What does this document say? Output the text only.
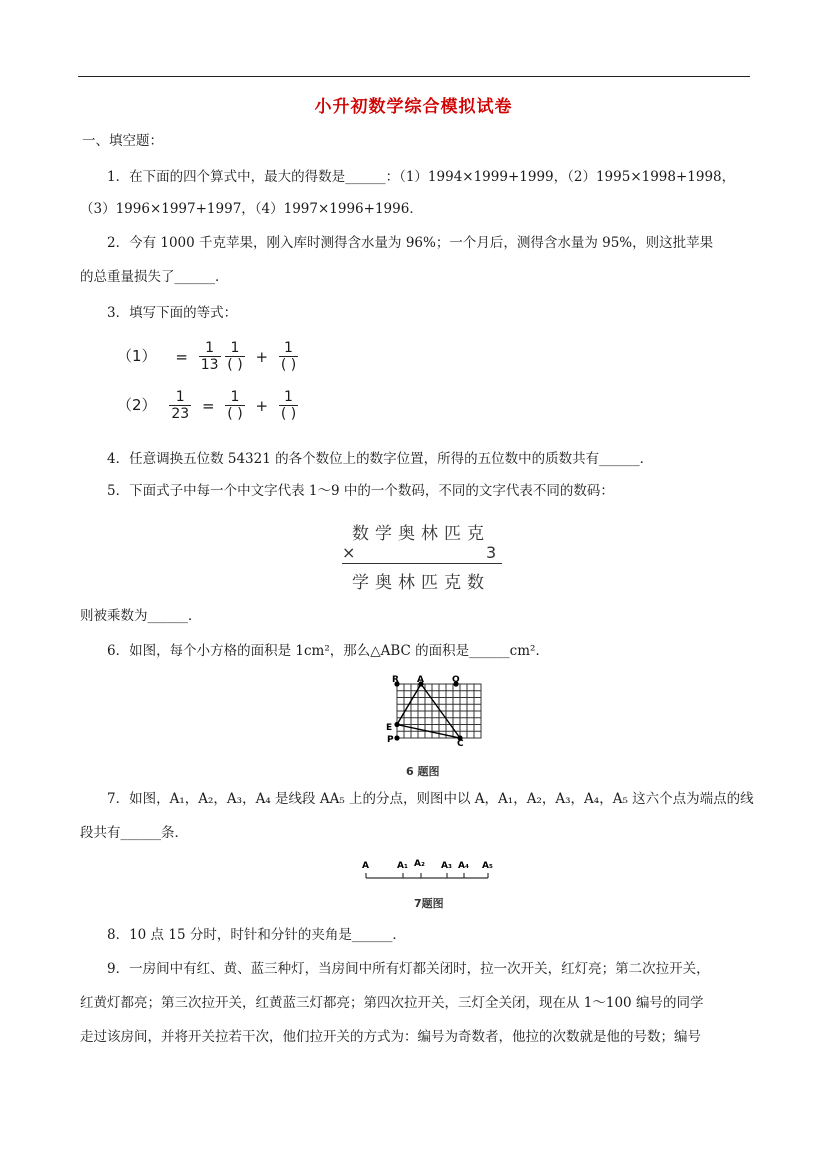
小升初数学综合模拟试卷
一、填空题：
1．在下面的四个算式中，最大的得数是______：（1）1994×1999+1999，（2）1995×1998+1998，
（3）1996×1997+1997，（4）1997×1996+1996．
2．今有 1000 千克苹果，刚入库时测得含水量为 96%；一个月后，测得含水量为 95%，则这批苹果
的总重量损失了______．
3．填写下面的等式：
$(1) = \frac{1}{13}$
$\frac{1}{( )} + \frac{1}{( )}$
$(2) \frac{1}{23} = \frac{1}{( )} + \frac{1}{( )}$
4．任意调换五位数 54321 的各个数位上的数字位置，所得的五位数中的质数共有______．
5．下面式子中每一个中文字代表 1～9 中的一个数码，不同的文字代表不同的数码：
数学奥林匹克
×	3
学奥林匹克数
则被乘数为______．
6．如图，每个小方格的面积是 1cm²，那么△ABC 的面积是______cm²．
R A	Q
E
P	C
6 题图
7．如图，A₁，A₂，A₃，A₄ 是线段 AA₅ 上的分点，则图中以 A，A₁，A₂，A₃，A₄，A₅ 这六个点为端点的线
段共有______条．
A	A₁ A₂ A₃ A₄ A₅
7题图
8．10 点 15 分时，时针和分针的夹角是______．
9．一房间中有红、黄、蓝三种灯，当房间中所有灯都关闭时，拉一次开关，红灯亮；第二次拉开关，
红黄灯都亮；第三次拉开关，红黄蓝三灯都亮；第四次拉开关，三灯全关闭，现在从 1～100 编号的同学
走过该房间，并将开关拉若干次，他们拉开关的方式为：编号为奇数者，他拉的次数就是他的号数；编号
